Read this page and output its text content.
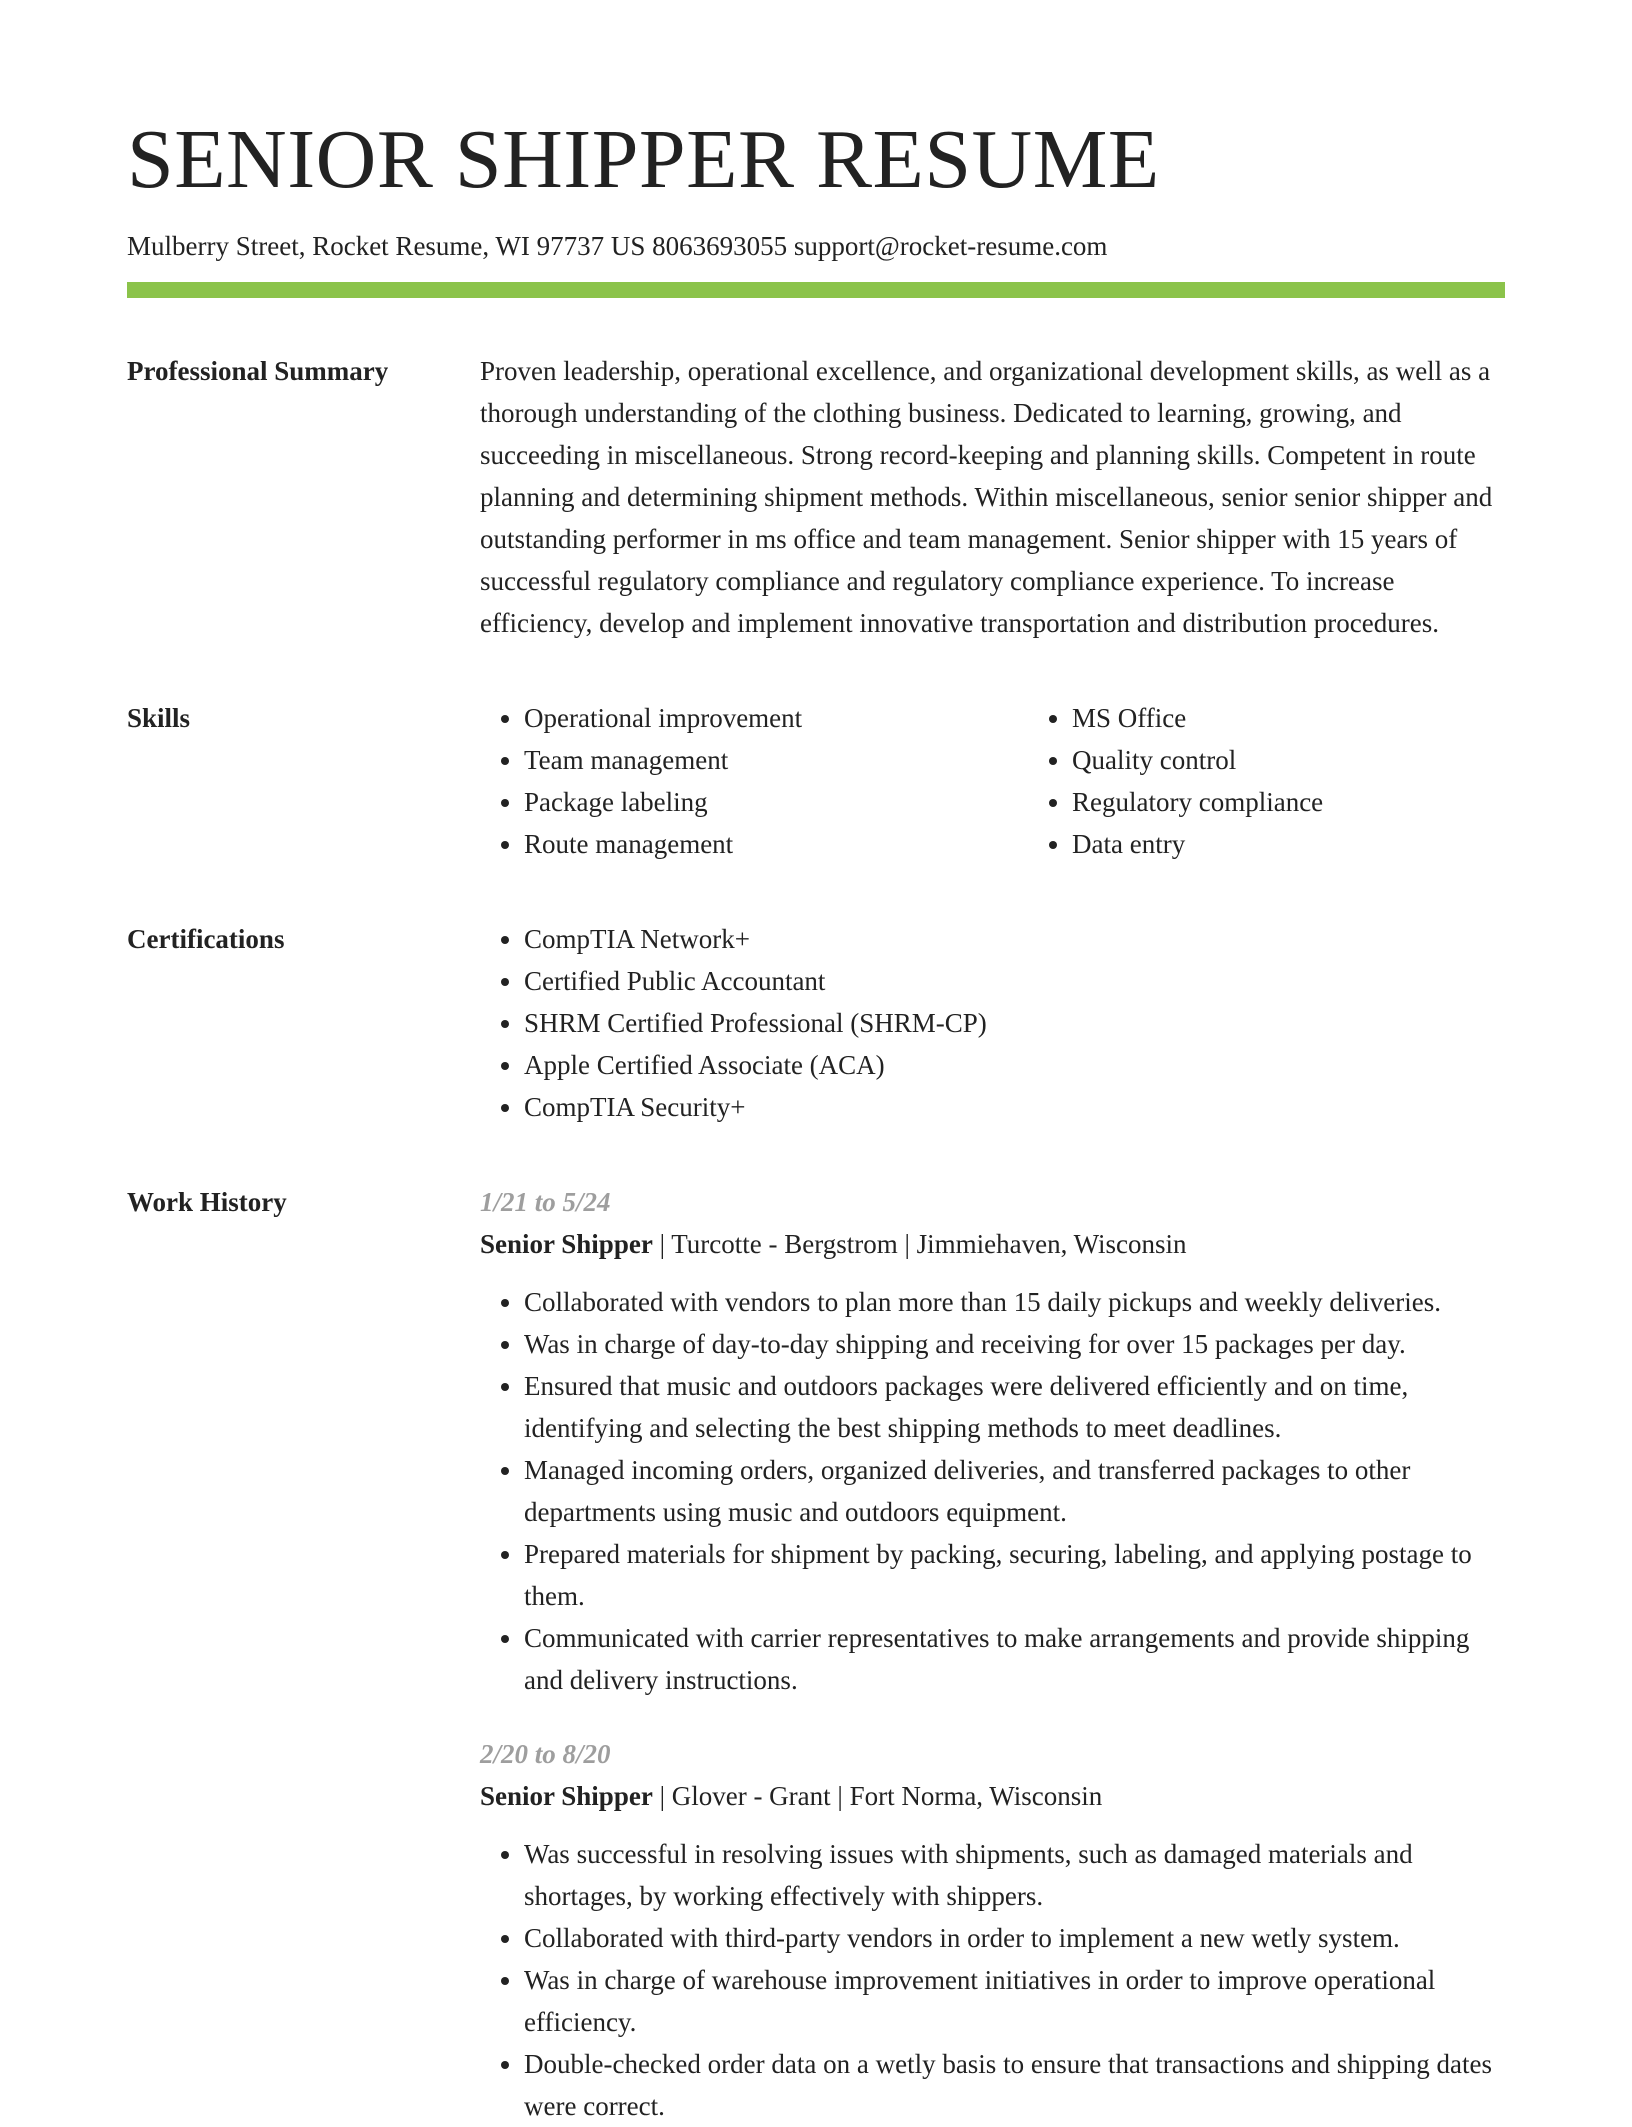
SENIOR SHIPPER RESUME
Mulberry Street, Rocket Resume, WI 97737 US 8063693055 support@rocket-resume.com
Professional Summary	Proven leadership, operational excellence, and organizational development skills, as well as a thorough understanding of the clothing business. Dedicated to learning, growing, and succeeding in miscellaneous. Strong record-keeping and planning skills. Competent in route planning and determining shipment methods. Within miscellaneous, senior senior shipper and outstanding performer in ms office and team management. Senior shipper with 15 years of successful regulatory compliance and regulatory compliance experience. To increase efficiency, develop and implement innovative transportation and distribution procedures.

Skills	• Operational improvement
• Team management
• Package labeling
• Route management
• MS Office
• Quality control
• Regulatory compliance
• Data entry
Certifications	• CompTIA Network+
• Certified Public Accountant
• SHRM Certified Professional (SHRM-CP)
• Apple Certified Associate (ACA)
• CompTIA Security+
Work History	1/21 to 5/24
Senior Shipper | Turcotte - Bergstrom | Jimmiehaven, Wisconsin
• Collaborated with vendors to plan more than 15 daily pickups and weekly deliveries.
• Was in charge of day-to-day shipping and receiving for over 15 packages per day.
• Ensured that music and outdoors packages were delivered efficiently and on time, identifying and selecting the best shipping methods to meet deadlines.
• Managed incoming orders, organized deliveries, and transferred packages to other departments using music and outdoors equipment.
• Prepared materials for shipment by packing, securing, labeling, and applying postage to them.
• Communicated with carrier representatives to make arrangements and provide shipping and delivery instructions.
2/20 to 8/20
Senior Shipper | Glover - Grant | Fort Norma, Wisconsin
• Was successful in resolving issues with shipments, such as damaged materials and shortages, by working effectively with shippers.
• Collaborated with third-party vendors in order to implement a new wetly system.
• Was in charge of warehouse improvement initiatives in order to improve operational efficiency.
• Double-checked order data on a wetly basis to ensure that transactions and shipping dates were correct.
